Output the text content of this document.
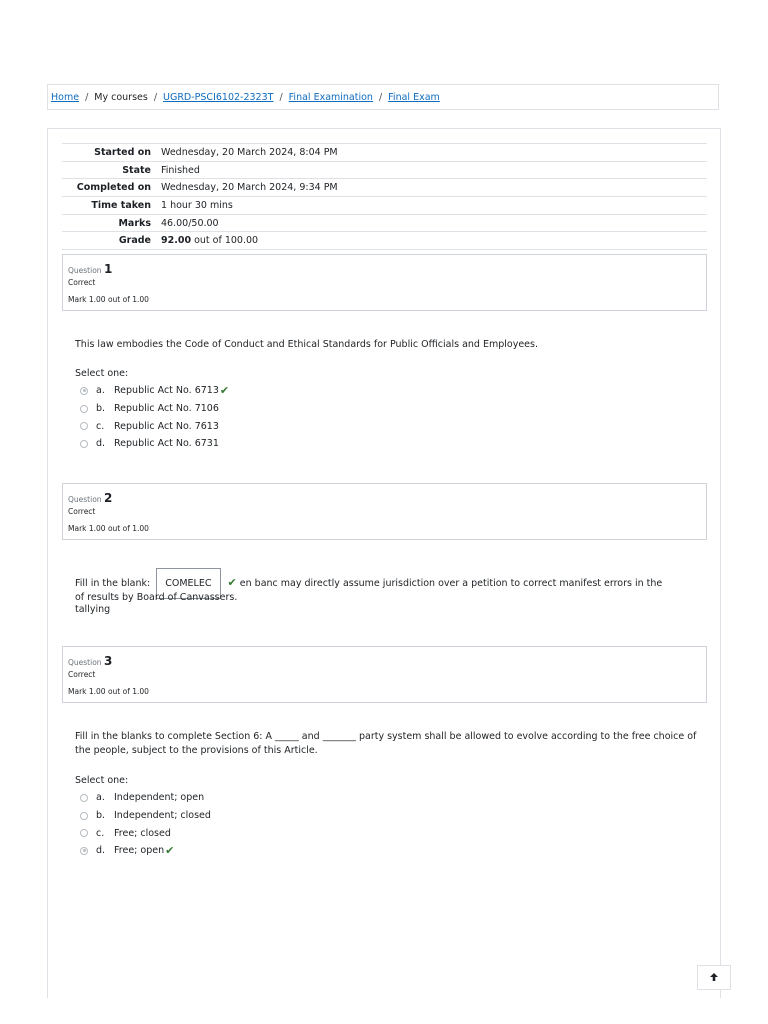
Home / My courses / UGRD-PSCI6102-2323T / Final Examination / Final Exam
Started on	Wednesday, 20 March 2024, 8:04 PM
State	Finished
Completed on	Wednesday, 20 March 2024, 9:34 PM
Time taken	1 hour 30 mins
Marks	46.00/50.00
Grade	92.00 out of 100.00
Question 1
Correct
Mark 1.00 out of 1.00
This law embodies the Code of Conduct and Ethical Standards for Public Officials and Employees.
Select one:
a. Republic Act No. 6713 ✔
b. Republic Act No. 7106
c.	Republic Act No. 7613
d. Republic Act No. 6731
Question 2
Correct
Mark 1.00 out of 1.00
Fill in the blank: COMELEC ✔ en banc may directly assume jurisdiction over a petition to correct manifest errors in the tallying
of results by Board of Canvassers.
Question 3
Correct
Mark 1.00 out of 1.00
Fill in the blanks to complete Section 6: A _____ and _______ party system shall be allowed to evolve according to the free choice of the people, subject to the provisions of this Article.
Select one:
a. Independent; open
b. Independent; closed
c.	Free; closed
d. Free; open ✔
